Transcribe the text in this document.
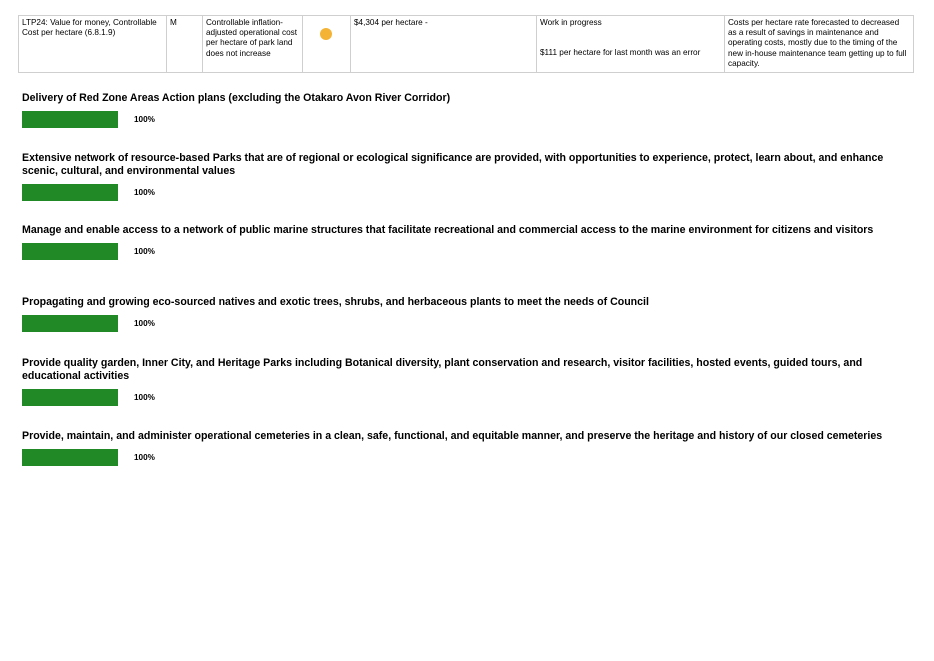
LTP24: Value for money, Controllable Cost per hectare (6.8.1.9)	M	Controllable inflation-adjusted operational cost per hectare of park land does not increase		$4,304 per hectare -	Work in progress
$111 per hectare for last month was an error	Costs per hectare rate forecasted to decreased as a result of savings in maintenance and operating costs, mostly due to the timing of the new in-house maintenance team getting up to full capacity.

Delivery of Red Zone Areas Action plans (excluding the Otakaro Avon River Corridor)

100%

Extensive network of resource-based Parks that are of regional or ecological significance are provided, with opportunities to experience, protect, learn about, and enhance scenic, cultural, and environmental values

100%

Manage and enable access to a network of public marine structures that facilitate recreational and commercial access to the marine environment for citizens and visitors

100%

Propagating and growing eco-sourced natives and exotic trees, shrubs, and herbaceous plants to meet the needs of Council

100%

Provide quality garden, Inner City, and Heritage Parks including Botanical diversity, plant conservation and research, visitor facilities, hosted events, guided tours, and educational activities

100%

Provide, maintain, and administer operational cemeteries in a clean, safe, functional, and equitable manner, and preserve the heritage and history of our closed cemeteries

100%
